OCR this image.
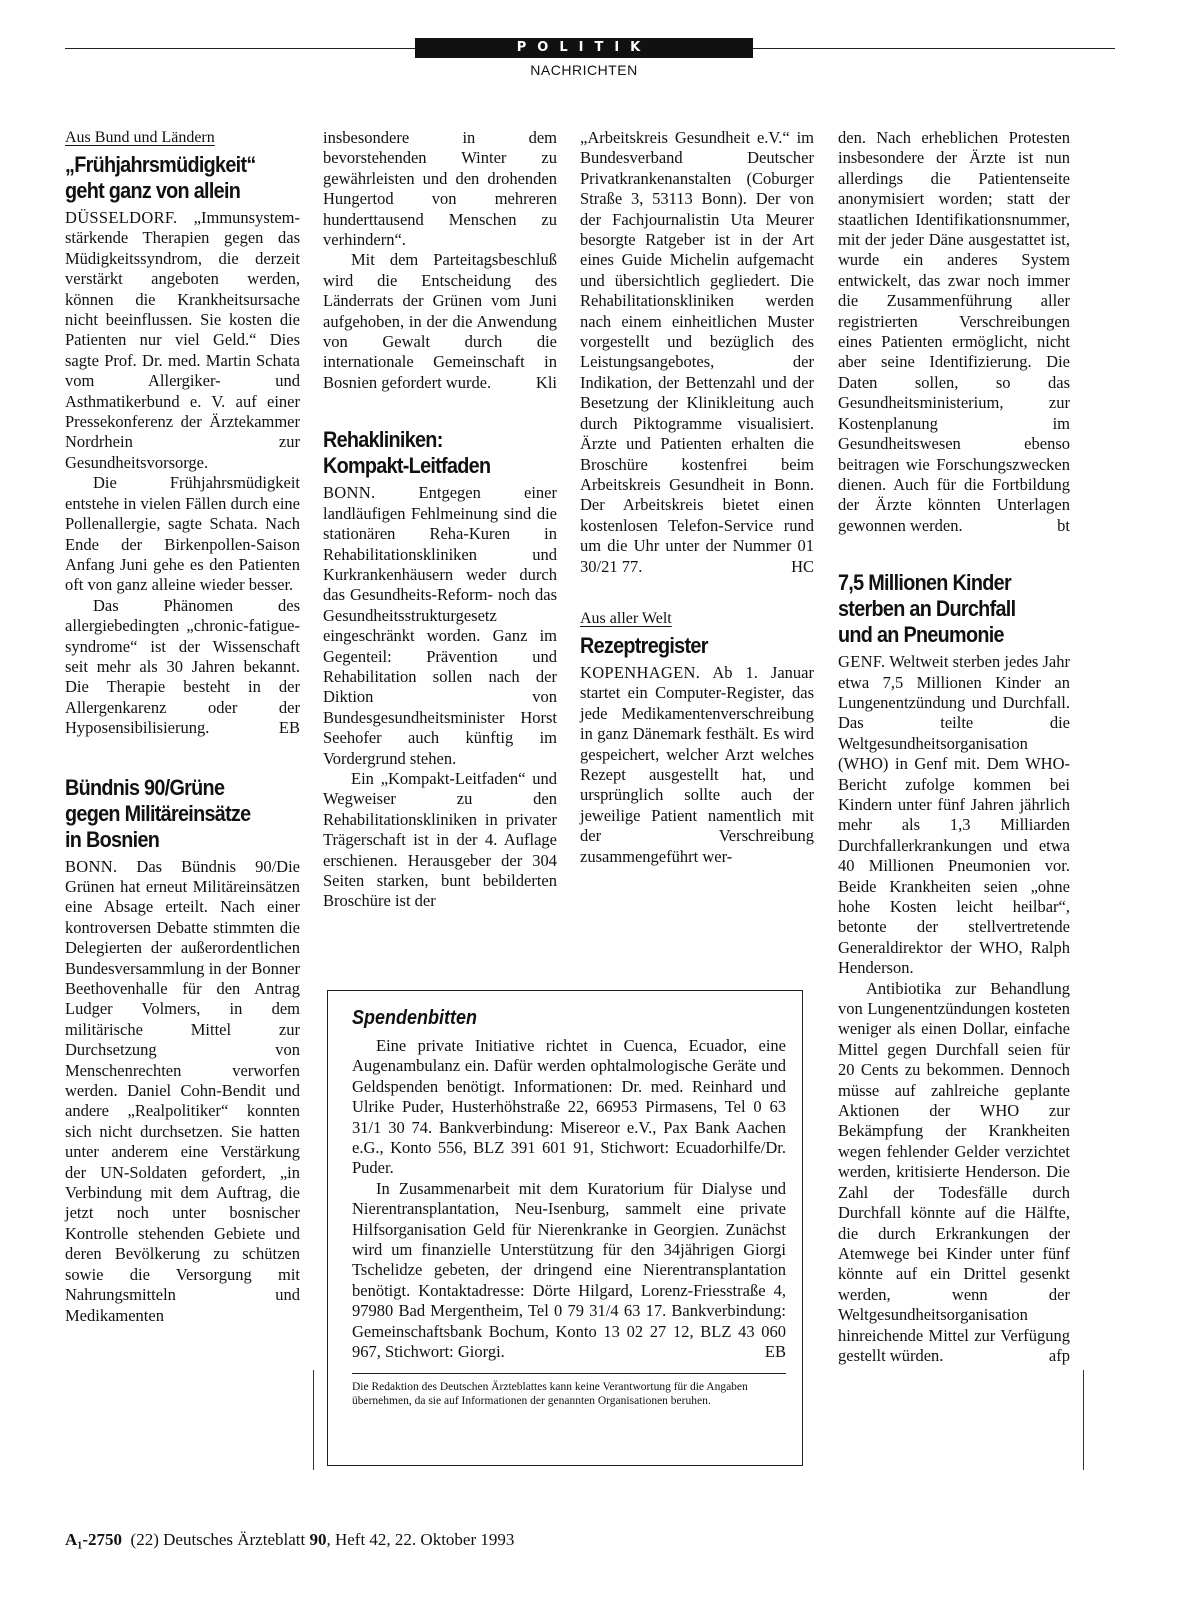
POLITIK
NACHRICHTEN
Aus Bund und Ländern
„Frühjahrsmüdigkeit“
geht ganz von allein

DÜSSELDORF. „Immunsystem-stärkende Therapien gegen das Müdigkeitssyndrom, die derzeit verstärkt angeboten werden, können die Krankheitsursache nicht beeinflussen. Sie kosten die Patienten nur viel Geld.“ Dies sagte Prof. Dr. med. Martin Schata vom Allergiker- und Asthmatikerbund e. V. auf einer Pressekonferenz der Ärztekammer Nordrhein zur Gesundheitsvorsorge.

Die Frühjahrsmüdigkeit entstehe in vielen Fällen durch eine Pollenallergie, sagte Schata. Nach Ende der Birkenpollen-Saison Anfang Juni gehe es den Patienten oft von ganz alleine wieder besser.

Das Phänomen des allergiebedingten „chronic-fatigue-syndrome“ ist der Wissenschaft seit mehr als 30 Jahren bekannt. Die Therapie besteht in der Allergenkarenz oder der Hyposensibilisierung.	EB

Bündnis 90/Grüne
gegen Militäreinsätze
in Bosnien

BONN. Das Bündnis 90/Die Grünen hat erneut Militäreinsätzen eine Absage erteilt. Nach einer kontroversen Debatte stimmten die Delegierten der außerordentlichen Bundesversammlung in der Bonner Beethovenhalle für den Antrag Ludger Volmers, in dem militärische Mittel zur Durchsetzung von Menschenrechten verworfen werden. Daniel Cohn-Bendit und andere „Realpolitiker“ konnten sich nicht durchsetzen. Sie hatten unter anderem eine Verstärkung der UN-Soldaten gefordert, „in Verbindung mit dem Auftrag, die jetzt noch unter bosnischer Kontrolle stehenden Gebiete und deren Bevölkerung zu schützen sowie die Versorgung mit Nahrungsmitteln und Medikamenten

insbesondere in dem bevorstehenden Winter zu gewährleisten und den drohenden Hungertod von mehreren hunderttausend Menschen zu verhindern“.

Mit dem Parteitagsbeschluß wird die Entscheidung des Länderrats der Grünen vom Juni aufgehoben, in der die Anwendung von Gewalt durch die internationale Gemeinschaft in Bosnien gefordert wurde.	Kli

Rehakliniken:
Kompakt-Leitfaden

BONN.	Entgegen einer landläufigen Fehlmeinung sind die stationären Reha-Kuren in Rehabilitationskliniken und Kurkrankenhäusern weder durch das Gesundheits-Reform- noch das Gesundheitsstrukturgesetz eingeschränkt worden. Ganz im Gegenteil: Prävention und Rehabilitation sollen nach der Diktion von Bundesgesundheitsminister Horst Seehofer auch künftig im Vordergrund stehen.

Ein „Kompakt-Leitfaden“ und Wegweiser zu den Rehabilitationskliniken in privater Trägerschaft ist in der 4. Auflage erschienen. Herausgeber der 304 Seiten starken, bunt bebilderten Broschüre ist der

„Arbeitskreis Gesundheit e.V.“ im Bundesverband Deutscher Privatkrankenanstalten (Coburger Straße 3, 53113 Bonn). Der von der Fachjournalistin Uta Meurer besorgte Ratgeber ist in der Art eines Guide Michelin aufgemacht und übersichtlich gegliedert. Die Rehabilitationskliniken werden nach einem einheitlichen Muster vorgestellt und bezüglich des Leistungsangebotes, der Indikation, der Bettenzahl und der Besetzung der Klinikleitung auch durch Piktogramme visualisiert. Ärzte und Patienten erhalten die Broschüre kostenfrei beim Arbeitskreis Gesundheit in Bonn. Der Arbeitskreis bietet einen kostenlosen Telefon-Service rund um die Uhr unter der Nummer 01 30/21 77.	HC

Aus aller Welt
Rezeptregister

KOPENHAGEN. Ab 1. Januar startet ein Computer-Register, das jede Medikamentenverschreibung in ganz Dänemark festhält. Es wird gespeichert, welcher Arzt welches Rezept ausgestellt hat, und ursprünglich sollte auch der jeweilige Patient namentlich mit der Verschreibung zusammengeführt wer-

den. Nach erheblichen Protesten insbesondere der Ärzte ist nun allerdings die Patientenseite anonymisiert worden; statt der staatlichen Identifikationsnummer, mit der jeder Däne ausgestattet ist, wurde ein anderes System entwickelt, das zwar noch immer die Zusammenführung aller registrierten Verschreibungen eines Patienten ermöglicht, nicht aber seine Identifizierung. Die Daten sollen, so das Gesundheitsministerium, zur Kostenplanung im Gesundheitswesen ebenso beitragen wie Forschungszwecken dienen. Auch für die Fortbildung der Ärzte könnten Unterlagen gewonnen werden.	bt

7,5 Millionen Kinder
sterben an Durchfall
und an Pneumonie

GENF. Weltweit sterben jedes Jahr etwa 7,5 Millionen Kinder an Lungenentzündung und Durchfall. Das teilte die Weltgesundheitsorganisation (WHO) in Genf mit. Dem WHO-Bericht zufolge kommen bei Kindern unter fünf Jahren jährlich mehr als 1,3 Milliarden Durchfallerkrankungen und etwa 40 Millionen Pneumonien vor. Beide Krankheiten seien „ohne hohe Kosten leicht heilbar“, betonte der stellvertretende Generaldirektor der WHO, Ralph Henderson.

Antibiotika zur Behandlung von Lungenentzündungen kosteten weniger als einen Dollar, einfache Mittel gegen Durchfall seien für 20 Cents zu bekommen. Dennoch müsse auf zahlreiche geplante Aktionen der WHO zur Bekämpfung der Krankheiten wegen fehlender Gelder verzichtet werden, kritisierte Henderson. Die Zahl der Todesfälle durch Durchfall könnte auf die Hälfte, die durch Erkrankungen der Atemwege bei Kinder unter fünf könnte auf ein Drittel gesenkt werden, wenn der Weltgesundheitsorganisation hinreichende Mittel zur Verfügung gestellt würden.	afp

Spendenbitten

Eine private Initiative richtet in Cuenca, Ecuador, eine Augenambulanz ein. Dafür werden ophtalmologische Geräte und Geldspenden benötigt. Informationen: Dr. med. Reinhard und Ulrike Puder, Husterhöhstraße 22, 66953 Pirmasens, Tel 0 63 31/1 30 74. Bankverbindung: Misereor e.V., Pax Bank Aachen e.G., Konto 556, BLZ 391 601 91, Stichwort: Ecuadorhilfe/Dr. Puder.

In Zusammenarbeit mit dem Kuratorium für Dialyse und Nierentransplantation, Neu-Isenburg, sammelt eine private Hilfsorganisation Geld für Nierenkranke in Georgien. Zunächst wird um finanzielle Unterstützung für den 34jährigen Giorgi Tschelidze gebeten, der dringend eine Nierentransplantation benötigt. Kontaktadresse: Dörte Hilgard, Lorenz-Friesstraße 4, 97980 Bad Mergentheim, Tel 0 79 31/4 63 17. Bankverbindung: Gemeinschaftsbank Bochum, Konto 13 02 27 12, BLZ 43 060 967, Stichwort: Giorgi.	EB

Die Redaktion des Deutschen Ärzteblattes kann keine Verantwortung für die Angaben übernehmen, da sie auf Informationen der genannten Organisationen beruhen.

A₁-2750 (22) Deutsches Ärzteblatt 90, Heft 42, 22. Oktober 1993
